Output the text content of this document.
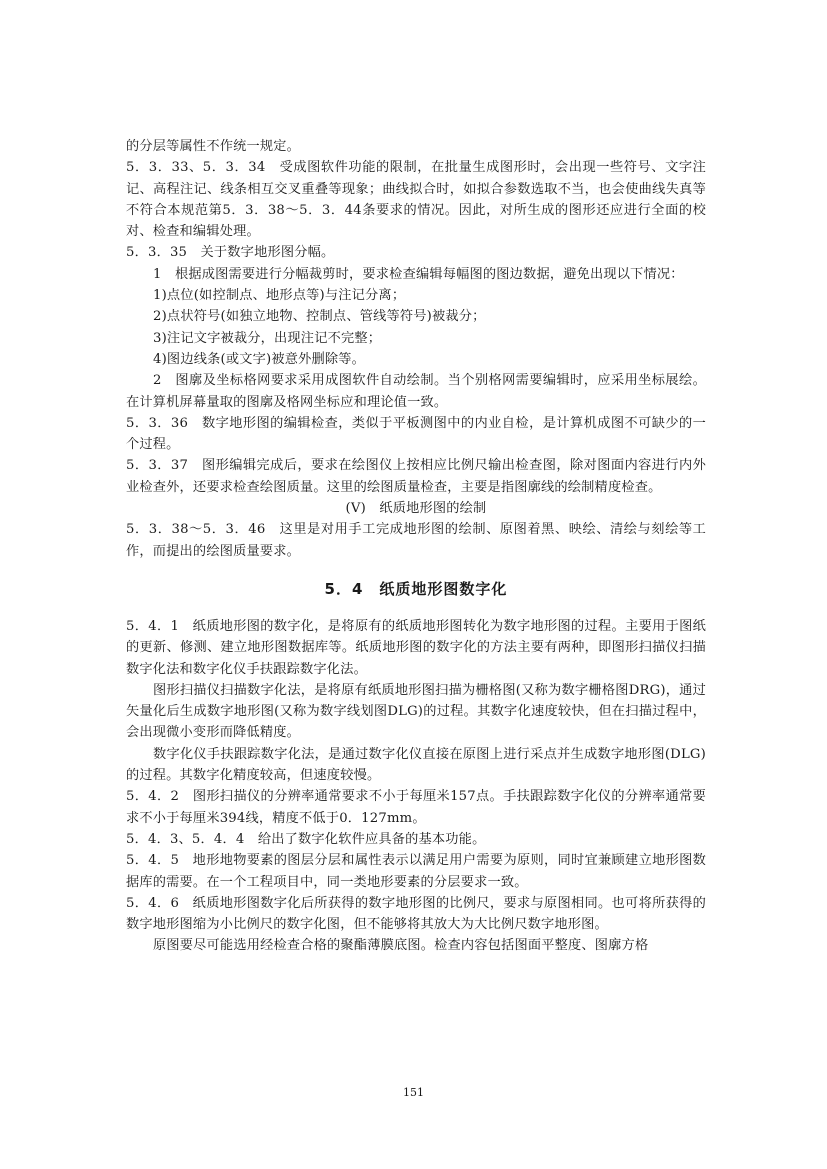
的分层等属性不作统一规定。

5．3．33、5．3．34　受成图软件功能的限制，在批量生成图形时，会出现一些符号、文字注记、高程注记、线条相互交叉重叠等现象；曲线拟合时，如拟合参数选取不当，也会使曲线失真等不符合本规范第5．3．38～5．3．44条要求的情况。因此，对所生成的图形还应进行全面的校对、检查和编辑处理。

5．3．35　关于数字地形图分幅。

1　根据成图需要进行分幅裁剪时，要求检查编辑每幅图的图边数据，避免出现以下情况：

1)点位(如控制点、地形点等)与注记分离；

2)点状符号(如独立地物、控制点、管线等符号)被裁分；

3)注记文字被裁分，出现注记不完整；

4)图边线条(或文字)被意外删除等。

2　图廓及坐标格网要求采用成图软件自动绘制。当个别格网需要编辑时，应采用坐标展绘。在计算机屏幕量取的图廓及格网坐标应和理论值一致。

5．3．36　数字地形图的编辑检查，类似于平板测图中的内业自检，是计算机成图不可缺少的一个过程。

5．3．37　图形编辑完成后，要求在绘图仪上按相应比例尺输出检查图，除对图面内容进行内外业检查外，还要求检查绘图质量。这里的绘图质量检查，主要是指图廓线的绘制精度检查。

(Ⅴ)　纸质地形图的绘制

5．3．38～5．3．46　这里是对用手工完成地形图的绘制、原图着黑、映绘、清绘与刻绘等工作，而提出的绘图质量要求。

5．4　纸质地形图数字化

5．4．1　纸质地形图的数字化，是将原有的纸质地形图转化为数字地形图的过程。主要用于图纸的更新、修测、建立地形图数据库等。纸质地形图的数字化的方法主要有两种，即图形扫描仪扫描数字化法和数字化仪手扶跟踪数字化法。

图形扫描仪扫描数字化法，是将原有纸质地形图扫描为栅格图(又称为数字栅格图DRG)，通过矢量化后生成数字地形图(又称为数字线划图DLG)的过程。其数字化速度较快，但在扫描过程中，会出现微小变形而降低精度。

数字化仪手扶跟踪数字化法，是通过数字化仪直接在原图上进行采点并生成数字地形图(DLG)的过程。其数字化精度较高，但速度较慢。

5．4．2　图形扫描仪的分辨率通常要求不小于每厘米157点。手扶跟踪数字化仪的分辨率通常要求不小于每厘米394线，精度不低于0．127mm。

5．4．3、5．4．4　给出了数字化软件应具备的基本功能。

5．4．5　地形地物要素的图层分层和属性表示以满足用户需要为原则，同时宜兼顾建立地形图数据库的需要。在一个工程项目中，同一类地形要素的分层要求一致。

5．4．6　纸质地形图数字化后所获得的数字地形图的比例尺，要求与原图相同。也可将所获得的数字地形图缩为小比例尺的数字化图，但不能够将其放大为大比例尺数字地形图。

原图要尽可能选用经检查合格的聚酯薄膜底图。检查内容包括图面平整度、图廓方格

151
